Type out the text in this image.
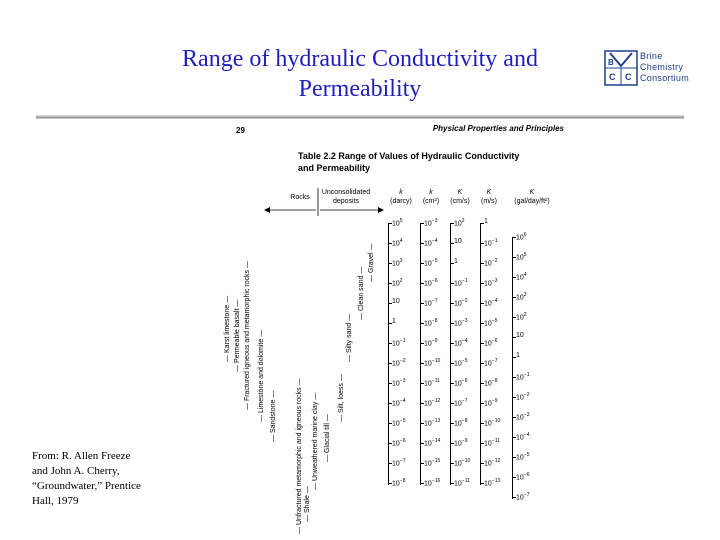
Range of hydraulic Conductivity and
Permeability
B
C C
Brine
Chemistry
Consortium
29	Physical Properties and Principles
Table 2.2 Range of Values of Hydraulic Conductivity
and Permeability
Rocks
Unconsolidated
deposits
k
(darcy)
k
(cm²)
K
(cm/s)
K
(m/s)
K
(gal/day/ft²)
$10^5$
$10^4$
$10^3$
$10^2$
10
1
$10^{-1}$
$10^{-2}$
$10^{-3}$
$10^{-4}$
$10^{-5}$
$10^{-6}$
$10^{-7}$
$10^{-8}$
$10^{-3}$
$10^{-4}$
$10^{-5}$
$10^{-6}$
$10^{-7}$
$10^{-8}$
$10^{-9}$
$10^{-10}$
$10^{-11}$
$10^{-12}$
$10^{-13}$
$10^{-14}$
$10^{-15}$
$10^{-16}$
$10^2$
10
1
$10^{-1}$
$10^{-2}$
$10^{-3}$
$10^{-4}$
$10^{-5}$
$10^{-6}$
$10^{-7}$
$10^{-8}$
$10^{-9}$
$10^{-10}$
$10^{-11}$
1
$10^{-1}$
$10^{-2}$
$10^{-3}$
$10^{-4}$
$10^{-5}$
$10^{-6}$
$10^{-7}$
$10^{-8}$
$10^{-9}$
$10^{-10}$
$10^{-11}$
$10^{-12}$
$10^{-13}$
$10^6$
$10^5$
$10^4$
$10^3$
$10^2$
10
1
$10^{-1}$
$10^{-2}$
$10^{-3}$
$10^{-4}$
$10^{-5}$
$10^{-6}$
$10^{-7}$
— Karst limestone — — Permeable basalt — — Fractured igneous and metamorphic rocks — — Limestone and dolomite — — Sandstone —
— Shale —
— Unfractured metamorphic and igneous rocks —
— Gravel —
— Clean sand —
— Silty sand —
— Silt, loess —
— Glacial till —
— Unweathered marine clay —
From: R. Allen Freeze
and John A. Cherry,
“Groundwater,” Prentice
Hall, 1979
